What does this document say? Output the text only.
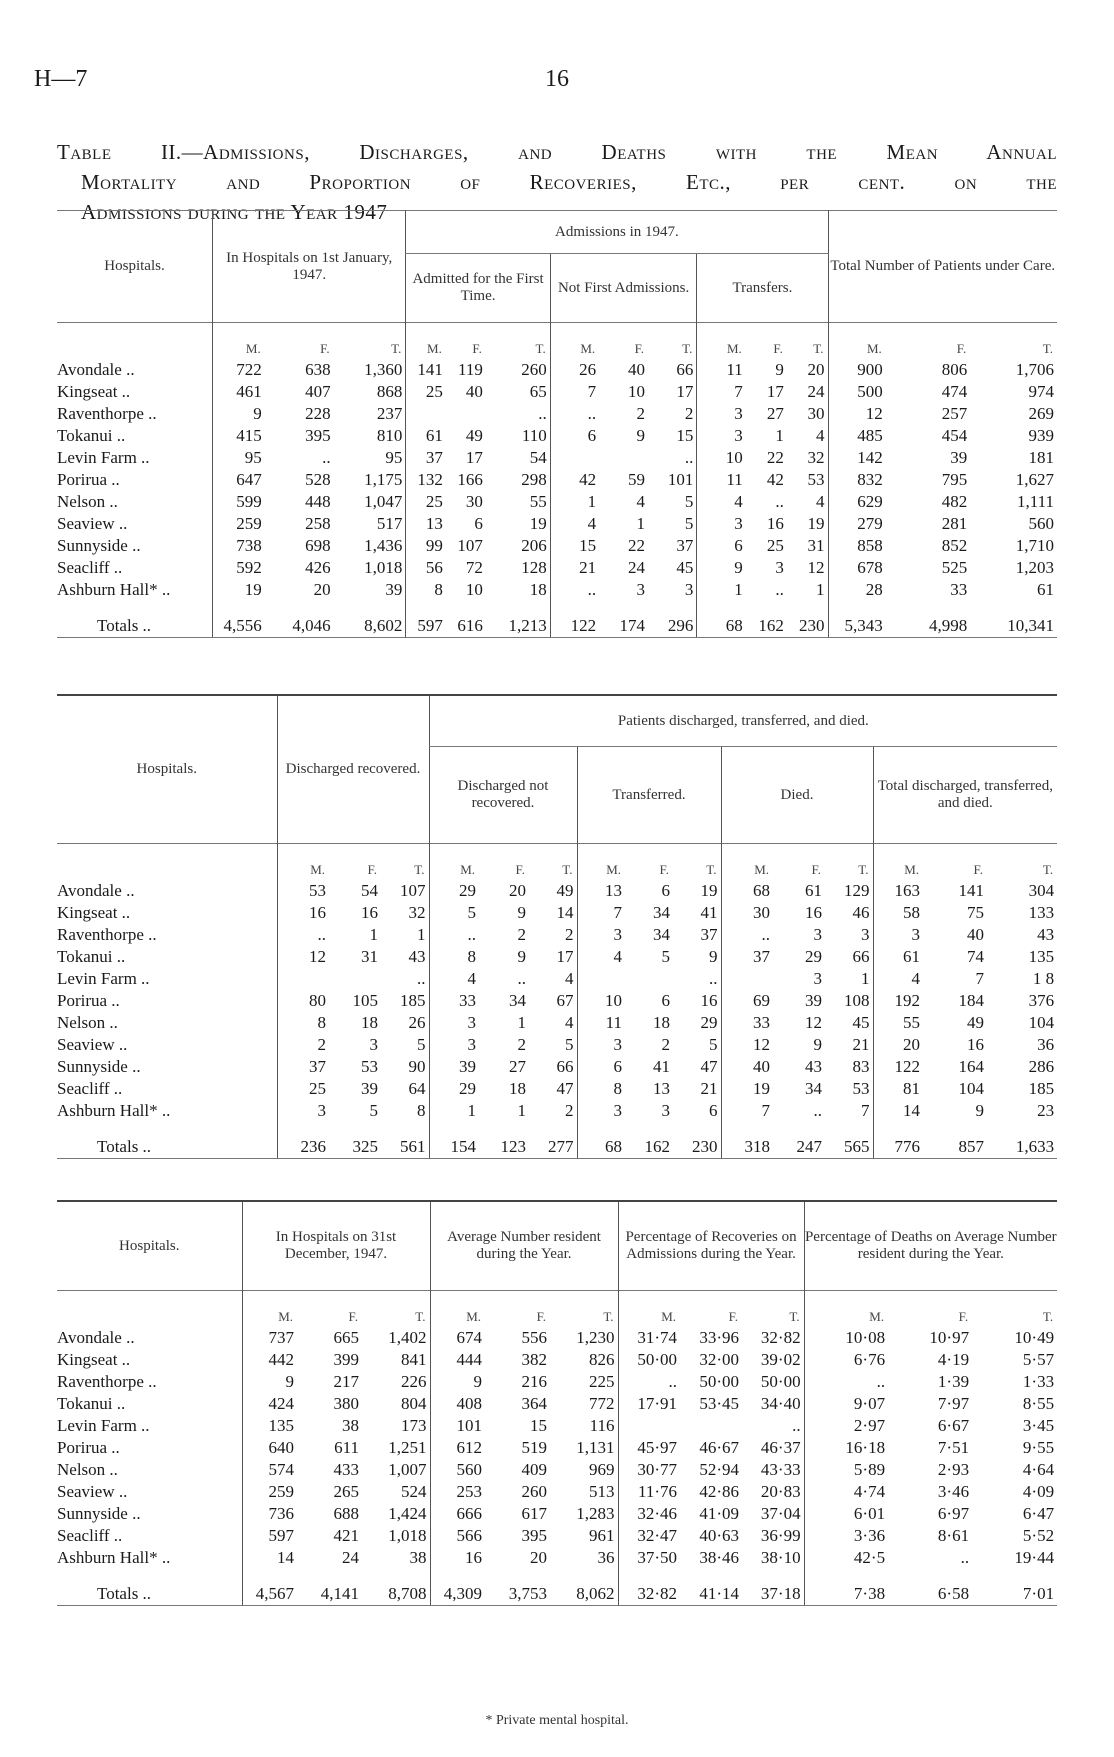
H—7	16
Table II.—Admissions, Discharges, and Deaths with the Mean Annual
Mortality and Proportion of Recoveries, Etc., per cent. on the
Admissions during the Year 1947
Hospitals.	In Hospitals on 1st January, 1947.			Admissions in 1947.									Total Number of Patients under Care.		
				Admitted for the First Time.			Not First Admissions.			Transfers.					
	M.	F.	T.	M.	F.	T.	M.	F.	T.	M.	F.	T.	M.	F.	T.
Avondale ..	722	638	1,360	141	119	260	26	40	66	11	9	20	900	806	1,706
Kingseat ..	461	407	868	25	40	65	7	10	17	7	17	24	500	474	974
Raventhorpe ..	9	228	237			..	..	2	2	3	27	30	12	257	269
Tokanui ..	415	395	810	61	49	110	6	9	15	3	1	4	485	454	939
Levin Farm ..	95	..	95	37	17	54			..	10	22	32	142	39	181
Porirua ..	647	528	1,175	132	166	298	42	59	101	11	42	53	832	795	1,627
Nelson ..	599	448	1,047	25	30	55	1	4	5	4	..	4	629	482	1,111
Seaview ..	259	258	517	13	6	19	4	1	5	3	16	19	279	281	560
Sunnyside ..	738	698	1,436	99	107	206	15	22	37	6	25	31	858	852	1,710
Seacliff ..	592	426	1,018	56	72	128	21	24	45	9	3	12	678	525	1,203
Ashburn Hall* ..	19	20	39	8	10	18	..	3	3	1	..	1	28	33	61
Totals ..	4,556	4,046	8,602	597	616	1,213	122	174	296	68	162	230	5,343	4,998	10,341
Hospitals.	Discharged recovered.			Patients discharged, transferred, and died.											
				Discharged not recovered.			Transferred.			Died.			Total discharged, transferred, and died.		
	M.	F.	T.	M.	F.	T.	M.	F.	T.	M.	F.	T.	M.	F.	T.
Avondale ..	53	54	107	29	20	49	13	6	19	68	61	129	163	141	304
Kingseat ..	16	16	32	5	9	14	7	34	41	30	16	46	58	75	133
Raventhorpe ..	..	1	1	..	2	2	3	34	37	..	3	3	3	40	43
Tokanui ..	12	31	43	8	9	17	4	5	9	37	29	66	61	74	135
Levin Farm ..			..	4	..	4			..		3	1	4	7	1 8
Porirua ..	80	105	185	33	34	67	10	6	16	69	39	108	192	184	376
Nelson ..	8	18	26	3	1	4	11	18	29	33	12	45	55	49	104
Seaview ..	2	3	5	3	2	5	3	2	5	12	9	21	20	16	36
Sunnyside ..	37	53	90	39	27	66	6	41	47	40	43	83	122	164	286
Seacliff ..	25	39	64	29	18	47	8	13	21	19	34	53	81	104	185
Ashburn Hall* ..	3	5	8	1	1	2	3	3	6	7	..	7	14	9	23
Totals ..	236	325	561	154	123	277	68	162	230	318	247	565	776	857	1,633
Hospitals.	In Hospitals on 31st December, 1947.			Average Number resident during the Year.			Percentage of Recoveries on Admissions during the Year.			Percentage of Deaths on Average Number resident during the Year.		
	M.	F.	T.	M.	F.	T.	M.	F.	T.	M.	F.	T.
Avondale ..	737	665	1,402	674	556	1,230	31·74	33·96	32·82	10·08	10·97	10·49
Kingseat ..	442	399	841	444	382	826	50·00	32·00	39·02	6·76	4·19	5·57
Raventhorpe ..	9	217	226	9	216	225	..	50·00	50·00	..	1·39	1·33
Tokanui ..	424	380	804	408	364	772	17·91	53·45	34·40	9·07	7·97	8·55
Levin Farm ..	135	38	173	101	15	116			..	2·97	6·67	3·45
Porirua ..	640	611	1,251	612	519	1,131	45·97	46·67	46·37	16·18	7·51	9·55
Nelson ..	574	433	1,007	560	409	969	30·77	52·94	43·33	5·89	2·93	4·64
Seaview ..	259	265	524	253	260	513	11·76	42·86	20·83	4·74	3·46	4·09
Sunnyside ..	736	688	1,424	666	617	1,283	32·46	41·09	37·04	6·01	6·97	6·47
Seacliff ..	597	421	1,018	566	395	961	32·47	40·63	36·99	3·36	8·61	5·52
Ashburn Hall* ..	14	24	38	16	20	36	37·50	38·46	38·10	42·5	..	19·44
Totals ..	4,567	4,141	8,708	4,309	3,753	8,062	32·82	41·14	37·18	7·38	6·58	7·01
* Private mental hospital.
